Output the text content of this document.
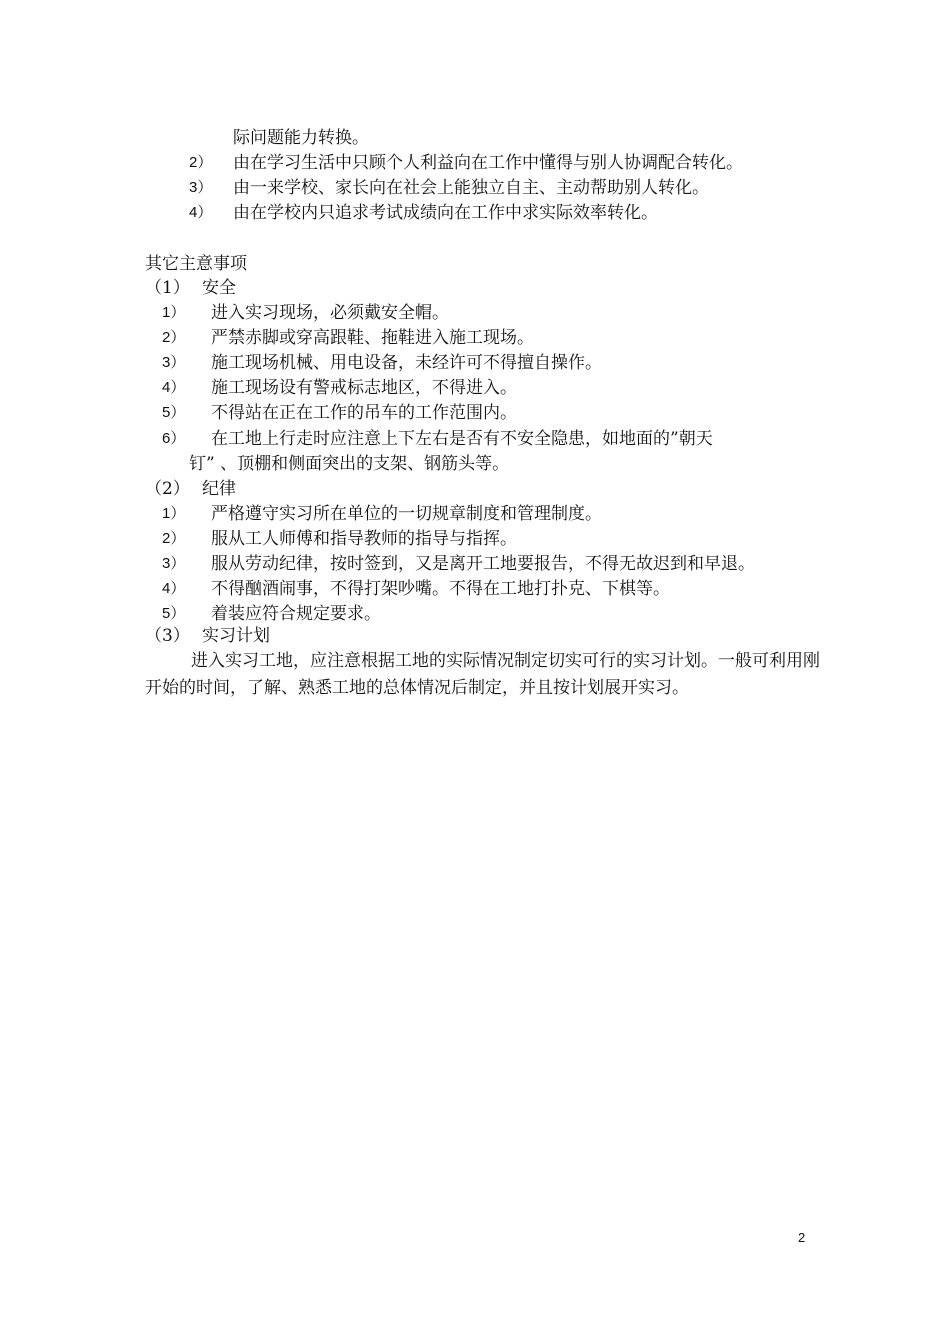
际问题能力转换。
2） 由在学习生活中只顾个人利益向在工作中懂得与别人协调配合转化。
3） 由一来学校、家长向在社会上能独立自主、主动帮助别人转化。
4） 由在学校内只追求考试成绩向在工作中求实际效率转化。
其它主意事项
（1） 安全
1） 进入实习现场，必须戴安全帽。
2） 严禁赤脚或穿高跟鞋、拖鞋进入施工现场。
3） 施工现场机械、用电设备，未经许可不得擅自操作。
4） 施工现场设有警戒标志地区，不得进入。
5） 不得站在正在工作的吊车的工作范围内。
6） 在工地上行走时应注意上下左右是否有不安全隐患，如地面的”朝天
钉” 、顶棚和侧面突出的支架、钢筋头等。
（2） 纪律
1） 严格遵守实习所在单位的一切规章制度和管理制度。
2） 服从工人师傅和指导教师的指导与指挥。
3） 服从劳动纪律，按时签到，又是离开工地要报告，不得无故迟到和早退。
4） 不得酗酒闹事，不得打架吵嘴。不得在工地打扑克、下棋等。
5） 着装应符合规定要求。
（3） 实习计划
进入实习工地，应注意根据工地的实际情况制定切实可行的实习计划。一般可利用刚开始的时间，了解、熟悉工地的总体情况后制定，并且按计划展开实习。
2
